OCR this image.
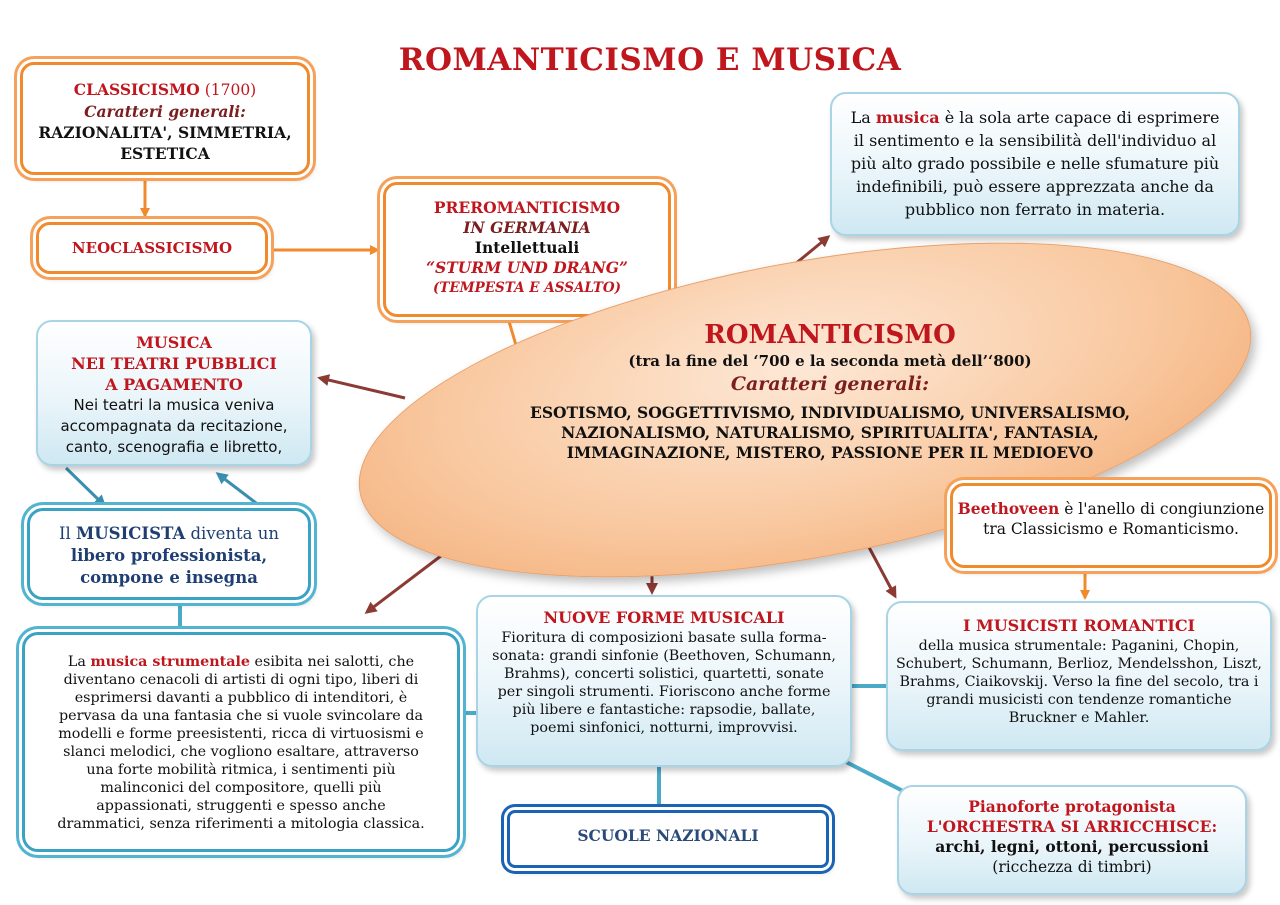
ROMANTICISMO E MUSICA
CLASSICISMO (1700)
Caratteri generali:
RAZIONALITA', SIMMETRIA, ESTETICA
NEOCLASSICISMO
PREROMANTICISMO
IN GERMANIA
Intellettuali
“STURM UND DRANG”
(TEMPESTA E ASSALTO)
La musica è la sola arte capace di esprimere il sentimento e la sensibilità dell'individuo al più alto grado possibile e nelle sfumature più indefinibili, può essere apprezzata anche da pubblico non ferrato in materia.
ROMANTICISMO
(tra la fine del ‘700 e la seconda metà dell’‘800)
Caratteri generali:
ESOTISMO, SOGGETTIVISMO, INDIVIDUALISMO, UNIVERSALISMO,
NAZIONALISMO, NATURALISMO, SPIRITUALITA', FANTASIA,
IMMAGINAZIONE, MISTERO, PASSIONE PER IL MEDIOEVO
MUSICA
NEI TEATRI PUBBLICI
A PAGAMENTO
Nei teatri la musica veniva accompagnata da recitazione, canto, scenografia e libretto,
Il MUSICISTA diventa un
libero professionista, compone e insegna
La musica strumentale esibita nei salotti, che diventano cenacoli di artisti di ogni tipo, liberi di esprimersi davanti a pubblico di intenditori, è pervasa da una fantasia che si vuole svincolare da modelli e forme preesistenti, ricca di virtuosismi e slanci melodici, che vogliono esaltare, attraverso una forte mobilità ritmica, i sentimenti più malinconici del compositore, quelli più appassionati, struggenti e spesso anche drammatici, senza riferimenti a mitologia classica.
NUOVE FORME MUSICALI
Fioritura di composizioni basate sulla forma-sonata: grandi sinfonie (Beethoven, Schumann, Brahms), concerti solistici, quartetti, sonate per singoli strumenti. Fioriscono anche forme più libere e fantastiche: rapsodie, ballate, poemi sinfonici, notturni, improvvisi.
SCUOLE NAZIONALI
Beethoveen è l'anello di congiunzione tra Classicismo e Romanticismo.
I MUSICISTI ROMANTICI
della musica strumentale: Paganini, Chopin, Schubert, Schumann, Berlioz, Mendelsshon, Liszt, Brahms, Ciaikovskij. Verso la fine del secolo, tra i grandi musicisti con tendenze romantiche Bruckner e Mahler.
Pianoforte protagonista
L'ORCHESTRA SI ARRICCHISCE:
archi, legni, ottoni, percussioni
(ricchezza di timbri)
